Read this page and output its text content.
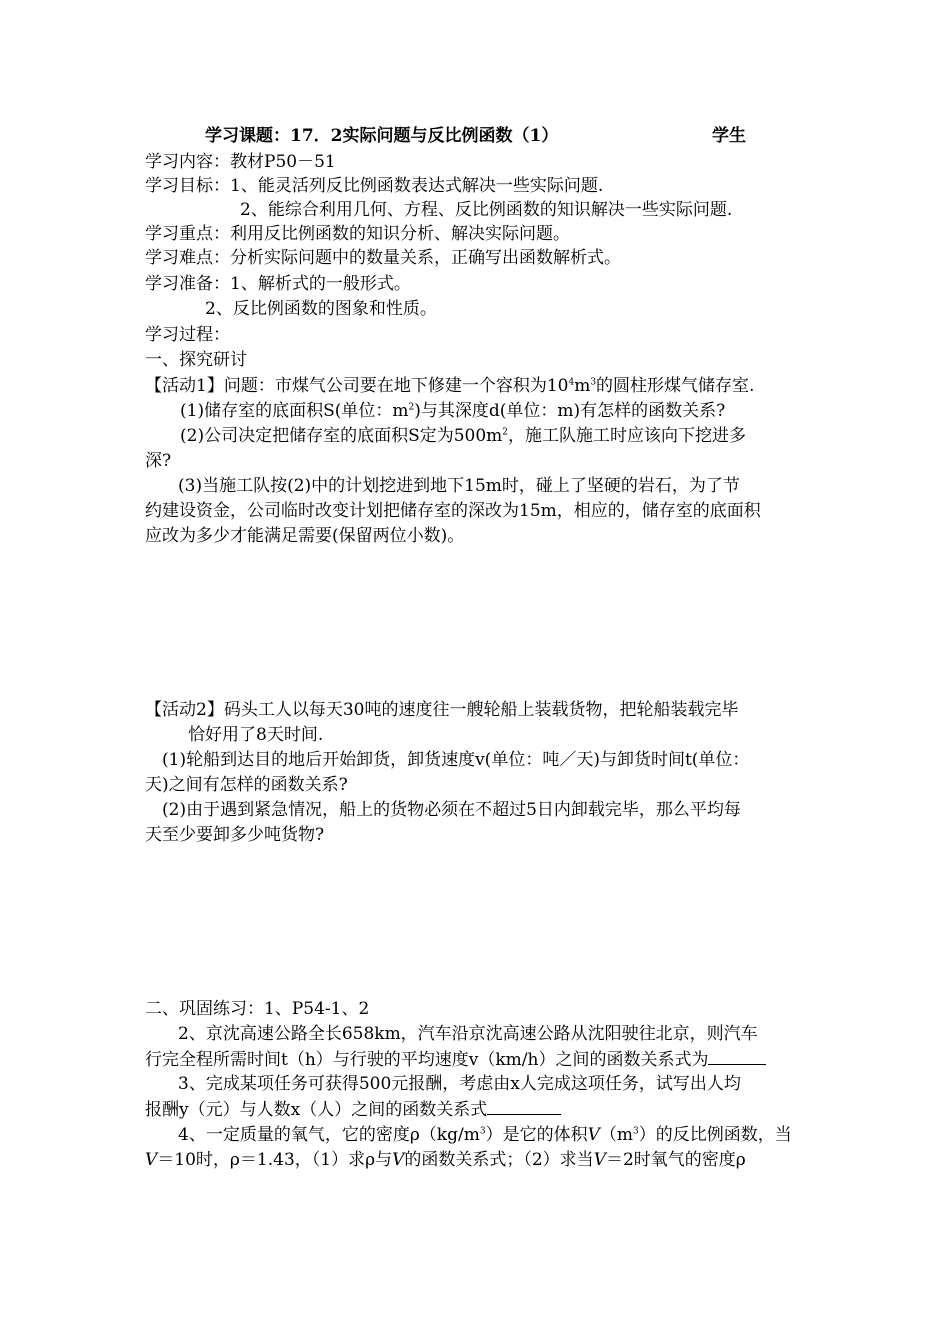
学习课题：17．2实际问题与反比例函数（1）	学生
学习内容：教材P50－51
学习目标：1、能灵活列反比例函数表达式解决一些实际问题.
2、能综合利用几何、方程、反比例函数的知识解决一些实际问题.
学习重点：利用反比例函数的知识分析、解决实际问题。
学习难点：分析实际问题中的数量关系，正确写出函数解析式。
学习准备：1、解析式的一般形式。
2、反比例函数的图象和性质。
学习过程：
一、探究研讨
【活动1】问题：市煤气公司要在地下修建一个容积为$10^4m^3$的圆柱形煤气储存室.
(1)储存室的底面积S(单位：$m^2$)与其深度d(单位：m)有怎样的函数关系?
(2)公司决定把储存室的底面积S定为$500m^2$，施工队施工时应该向下挖进多
深?
(3)当施工队按(2)中的计划挖进到地下15m时，碰上了坚硬的岩石，为了节
约建设资金，公司临时改变计划把储存室的深改为15m，相应的，储存室的底面积
应改为多少才能满足需要(保留两位小数)。
【活动2】码头工人以每天30吨的速度往一艘轮船上装载货物，把轮船装载完毕
恰好用了8天时间.
(1)轮船到达目的地后开始卸货，卸货速度v(单位：吨／天)与卸货时间t(单位：
天)之间有怎样的函数关系?
(2)由于遇到紧急情况，船上的货物必须在不超过5日内卸载完毕，那么平均每
天至少要卸多少吨货物?
二、巩固练习：1、P54-1、2
2、京沈高速公路全长658km，汽车沿京沈高速公路从沈阳驶往北京，则汽车
行完全程所需时间t（h）与行驶的平均速度v（km/h）之间的函数关系式为
3、完成某项任务可获得500元报酬，考虑由x人完成这项任务，试写出人均
报酬y（元）与人数x（人）之间的函数关系式
4、一定质量的氧气，它的密度$\rho(kg/m^3)$是它的体积$V(m^3)$的反比例函数，当
V＝10时，ρ＝1.43，（1）求ρ与V的函数关系式；（2）求当V＝2时氧气的密度ρ
